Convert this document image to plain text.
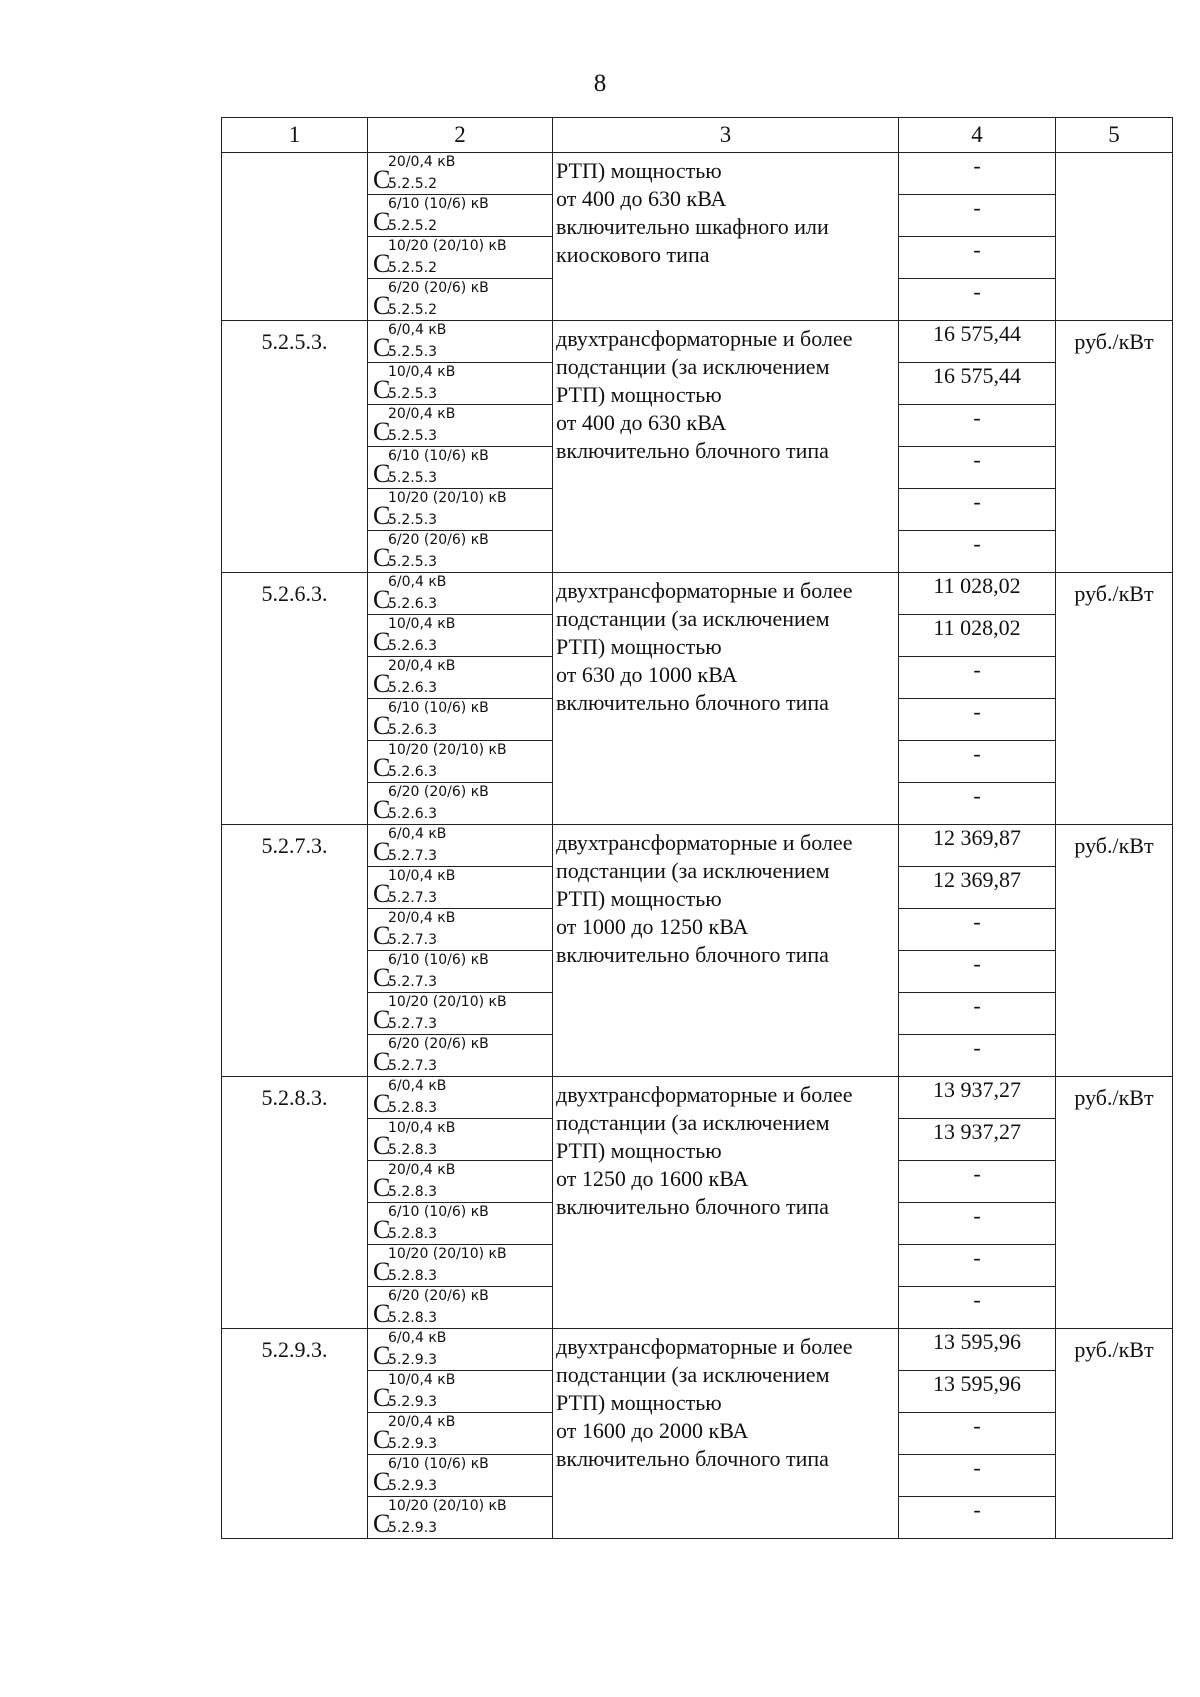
8
1	2	3	4	5

	C
20/0,4 кВ
5.2.5.2	РТП) мощностью
от 400 до 630 кВА
включительно шкафного или
киоскового типа	-	

	C
6/10 (10/6) кВ
5.2.5.2		-	

	C
10/20 (20/10) кВ
5.2.5.2		-	

	C
6/20 (20/6) кВ
5.2.5.2		-	
5.2.5.3.	C
6/0,4 кВ
5.2.5.3	двухтрансформаторные и более
подстанции (за исключением
РТП) мощностью
от 400 до 630 кВА
включительно блочного типа	16 575,44	руб./кВт

	C
10/0,4 кВ
5.2.5.3		16 575,44	

	C
20/0,4 кВ
5.2.5.3		-	

	C
6/10 (10/6) кВ
5.2.5.3		-	

	C
10/20 (20/10) кВ
5.2.5.3		-	

	C
6/20 (20/6) кВ
5.2.5.3		-	
5.2.6.3.	C
6/0,4 кВ
5.2.6.3	двухтрансформаторные и более
подстанции (за исключением
РТП) мощностью
от 630 до 1000 кВА
включительно блочного типа	11 028,02	руб./кВт

	C
10/0,4 кВ
5.2.6.3		11 028,02	

	C
20/0,4 кВ
5.2.6.3		-	

	C
6/10 (10/6) кВ
5.2.6.3		-	

	C
10/20 (20/10) кВ
5.2.6.3		-	

	C
6/20 (20/6) кВ
5.2.6.3		-	
5.2.7.3.	C
6/0,4 кВ
5.2.7.3	двухтрансформаторные и более
подстанции (за исключением
РТП) мощностью
от 1000 до 1250 кВА
включительно блочного типа	12 369,87	руб./кВт

	C
10/0,4 кВ
5.2.7.3		12 369,87	

	C
20/0,4 кВ
5.2.7.3		-	

	C
6/10 (10/6) кВ
5.2.7.3		-	

	C
10/20 (20/10) кВ
5.2.7.3		-	

	C
6/20 (20/6) кВ
5.2.7.3		-	
5.2.8.3.	C
6/0,4 кВ
5.2.8.3	двухтрансформаторные и более
подстанции (за исключением
РТП) мощностью
от 1250 до 1600 кВА
включительно блочного типа	13 937,27	руб./кВт

	C
10/0,4 кВ
5.2.8.3		13 937,27	

	C
20/0,4 кВ
5.2.8.3		-	

	C
6/10 (10/6) кВ
5.2.8.3		-	

	C
10/20 (20/10) кВ
5.2.8.3		-	

	C
6/20 (20/6) кВ
5.2.8.3		-	
5.2.9.3.	C
6/0,4 кВ
5.2.9.3	двухтрансформаторные и более
подстанции (за исключением
РТП) мощностью
от 1600 до 2000 кВА
включительно блочного типа	13 595,96	руб./кВт

	C
10/0,4 кВ
5.2.9.3		13 595,96	

	C
20/0,4 кВ
5.2.9.3		-	

	C
6/10 (10/6) кВ
5.2.9.3		-	

	C
10/20 (20/10) кВ
5.2.9.3		-	
